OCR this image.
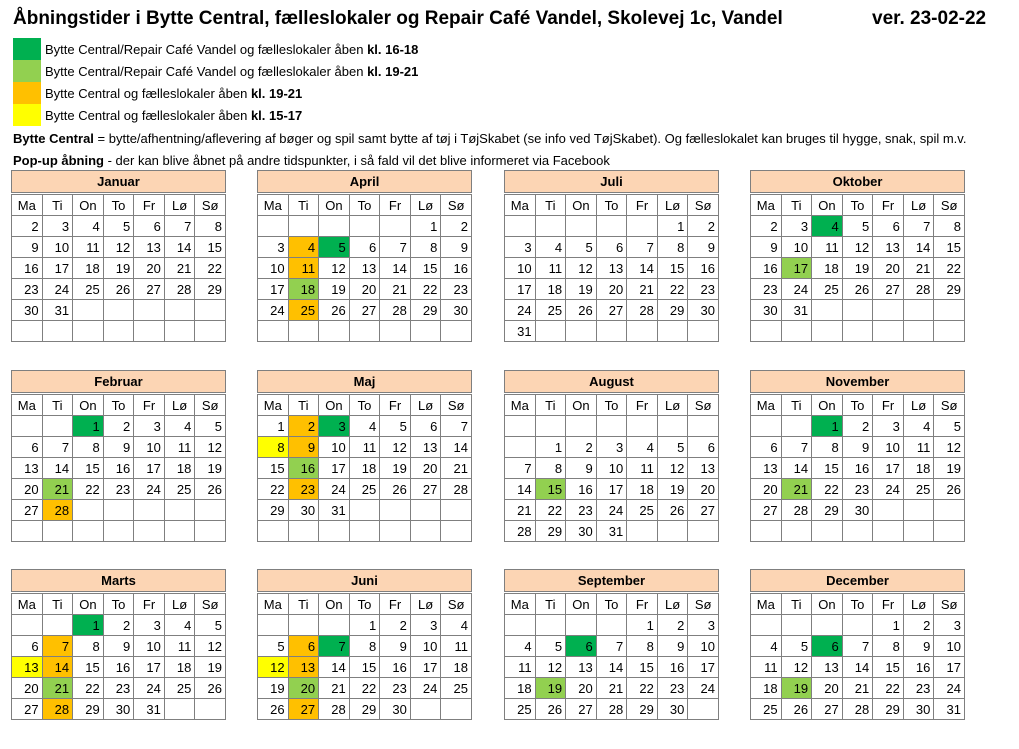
Åbningstider i Bytte Central, fælleslokaler og Repair Café Vandel, Skolevej 1c, Vandel	ver. 23-02-22
Bytte Central/Repair Café Vandel og fælleslokaler åben kl. 16-18
Bytte Central/Repair Café Vandel og fælleslokaler åben kl. 19-21
Bytte Central og fælleslokaler åben kl. 19-21
Bytte Central og fælleslokaler åben kl. 15-17
Bytte Central = bytte/afhentning/aflevering af bøger og spil samt bytte af tøj i TøjSkabet (se info ved TøjSkabet). Og fælleslokalet kan bruges til hygge, snak, spil m.v.
Pop-up åbning - der kan blive åbnet på andre tidspunkter, i så fald vil det blive informeret via Facebook
Januar
Ma	Ti	On	To	Fr	Lø	Sø
2	3	4	5	6	7	8
9	10	11	12	13	14	15
16	17	18	19	20	21	22
23	24	25	26	27	28	29
30	31					

April
Ma	Ti	On	To	Fr	Lø	Sø
					1	2
3	4	5	6	7	8	9
10	11	12	13	14	15	16
17	18	19	20	21	22	23
24	25	26	27	28	29	30

Juli
Ma	Ti	On	To	Fr	Lø	Sø
					1	2
3	4	5	6	7	8	9
10	11	12	13	14	15	16
17	18	19	20	21	22	23
24	25	26	27	28	29	30
31						
Oktober
Ma	Ti	On	To	Fr	Lø	Sø
2	3	4	5	6	7	8
9	10	11	12	13	14	15
16	17	18	19	20	21	22
23	24	25	26	27	28	29
30	31					

Februar
Ma	Ti	On	To	Fr	Lø	Sø
		1	2	3	4	5
6	7	8	9	10	11	12
13	14	15	16	17	18	19
20	21	22	23	24	25	26
27	28					

Maj
Ma	Ti	On	To	Fr	Lø	Sø
1	2	3	4	5	6	7
8	9	10	11	12	13	14
15	16	17	18	19	20	21
22	23	24	25	26	27	28
29	30	31				

August
Ma	Ti	On	To	Fr	Lø	Sø

	1	2	3	4	5	6
7	8	9	10	11	12	13
14	15	16	17	18	19	20
21	22	23	24	25	26	27
28	29	30	31			
November
Ma	Ti	On	To	Fr	Lø	Sø
		1	2	3	4	5
6	7	8	9	10	11	12
13	14	15	16	17	18	19
20	21	22	23	24	25	26
27	28	29	30			

Marts
Ma	Ti	On	To	Fr	Lø	Sø
		1	2	3	4	5
6	7	8	9	10	11	12
13	14	15	16	17	18	19
20	21	22	23	24	25	26
27	28	29	30	31		
Juni
Ma	Ti	On	To	Fr	Lø	Sø
			1	2	3	4
5	6	7	8	9	10	11
12	13	14	15	16	17	18
19	20	21	22	23	24	25
26	27	28	29	30		
September
Ma	Ti	On	To	Fr	Lø	Sø
				1	2	3
4	5	6	7	8	9	10
11	12	13	14	15	16	17
18	19	20	21	22	23	24
25	26	27	28	29	30	
December
Ma	Ti	On	To	Fr	Lø	Sø
				1	2	3
4	5	6	7	8	9	10
11	12	13	14	15	16	17
18	19	20	21	22	23	24
25	26	27	28	29	30	31
